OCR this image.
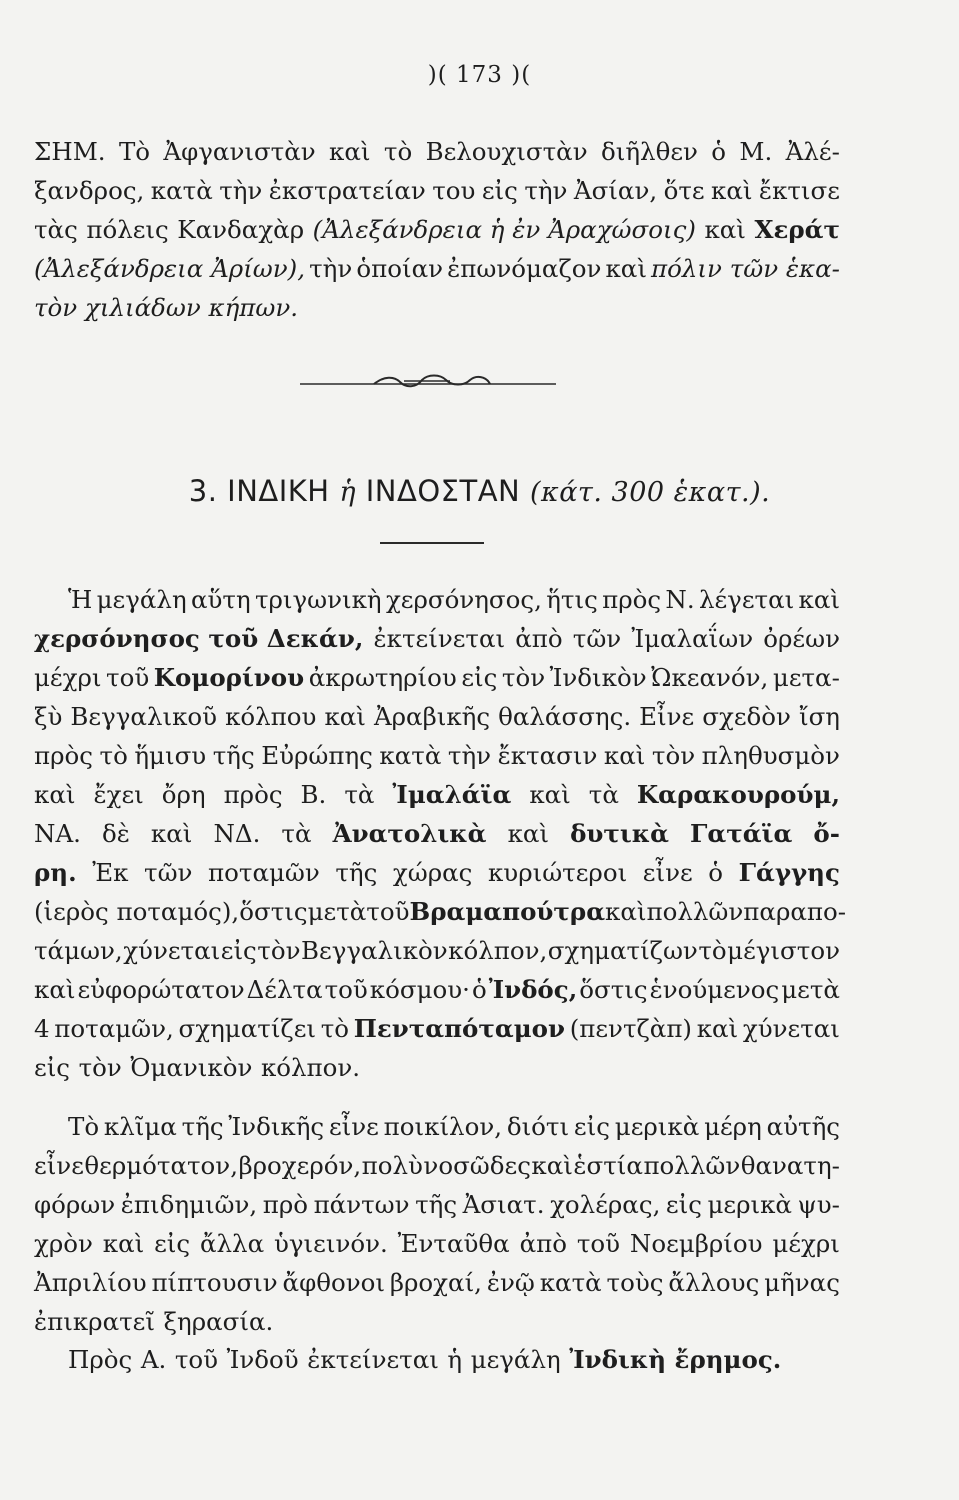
)( 173 )(
ΣΗΜ. Τὸ Ἀφγανιστὰν καὶ τὸ Βελουχιστὰν διῆλθεν ὁ Μ. Ἀλέ-
ξανδρος, κατὰ τὴν ἐκστρατείαν του εἰς τὴν Ἀσίαν, ὅτε καὶ ἔκτισε
τὰς πόλεις Κανδαχὰρ (Ἀλεξάνδρεια ἡ ἐν Ἀραχώσοις) καὶ Χεράτ
(Ἀλεξάνδρεια Ἀρίων), τὴν ὁποίαν ἐπωνόμαζον καὶ πόλιν τῶν ἑκα-
τὸν χιλιάδων κήπων.
3. ΙΝΔΙΚΗ ἡ ΙΝΔΟΣΤΑΝ (κάτ. 300 ἑκατ.).
Ἡ μεγάλη αὕτη τριγωνικὴ χερσόνησος, ἥτις πρὸς Ν. λέγεται καὶ
χερσόνησος τοῦ Δεκάν, ἐκτείνεται ἀπὸ τῶν Ἰμαλαΐων ὀρέων
μέχρι τοῦ Κομορίνου ἀκρωτηρίου εἰς τὸν Ἰνδικὸν Ὠκεανόν, μετα-
ξὺ Βεγγαλικοῦ κόλπου καὶ Ἀραβικῆς θαλάσσης. Εἶνε σχεδὸν ἴση
πρὸς τὸ ἥμισυ τῆς Εὐρώπης κατὰ τὴν ἔκτασιν καὶ τὸν πληθυσμὸν
καὶ ἔχει ὄρη πρὸς Β. τὰ Ἰμαλάϊα καὶ τὰ Καρακουρούμ,
ΝΑ. δὲ καὶ ΝΔ. τὰ Ἀνατολικὰ καὶ δυτικὰ Γατάϊα ὄ-
ρη. Ἐκ τῶν ποταμῶν τῆς χώρας κυριώτεροι εἶνε ὁ Γάγγης
(ἱερὸς ποταμός), ὅστις μετὰ τοῦ Βραμαπούτρα καὶ πολλῶν παραπο-
τάμων, χύνεται εἰς τὸν Βεγγαλικὸν κόλπον, σχηματίζων τὸ μέγιστον
καὶ εὐφορώτατον Δέλτα τοῦ κόσμου· ὁ Ἰνδός, ὅστις ἑνούμενος μετὰ
4 ποταμῶν, σχηματίζει τὸ Πενταπόταμον (πεντζὰπ) καὶ χύνεται
εἰς τὸν Ὀμανικὸν κόλπον.
Τὸ κλῖμα τῆς Ἰνδικῆς εἶνε ποικίλον, διότι εἰς μερικὰ μέρη αὐτῆς
εἶνε θερμότατον, βροχερόν, πολὺ νοσῶδες καὶ ἑστία πολλῶν θανατη-
φόρων ἐπιδημιῶν, πρὸ πάντων τῆς Ἀσιατ. χολέρας, εἰς μερικὰ ψυ-
χρὸν καὶ εἰς ἄλλα ὑγιεινόν. Ἐνταῦθα ἀπὸ τοῦ Νοεμβρίου μέχρι
Ἀπριλίου πίπτουσιν ἄφθονοι βροχαί, ἐνῷ κατὰ τοὺς ἄλλους μῆνας
ἐπικρατεῖ ξηρασία.
Πρὸς Α. τοῦ Ἰνδοῦ ἐκτείνεται ἡ μεγάλη Ἰνδικὴ ἔρημος.
